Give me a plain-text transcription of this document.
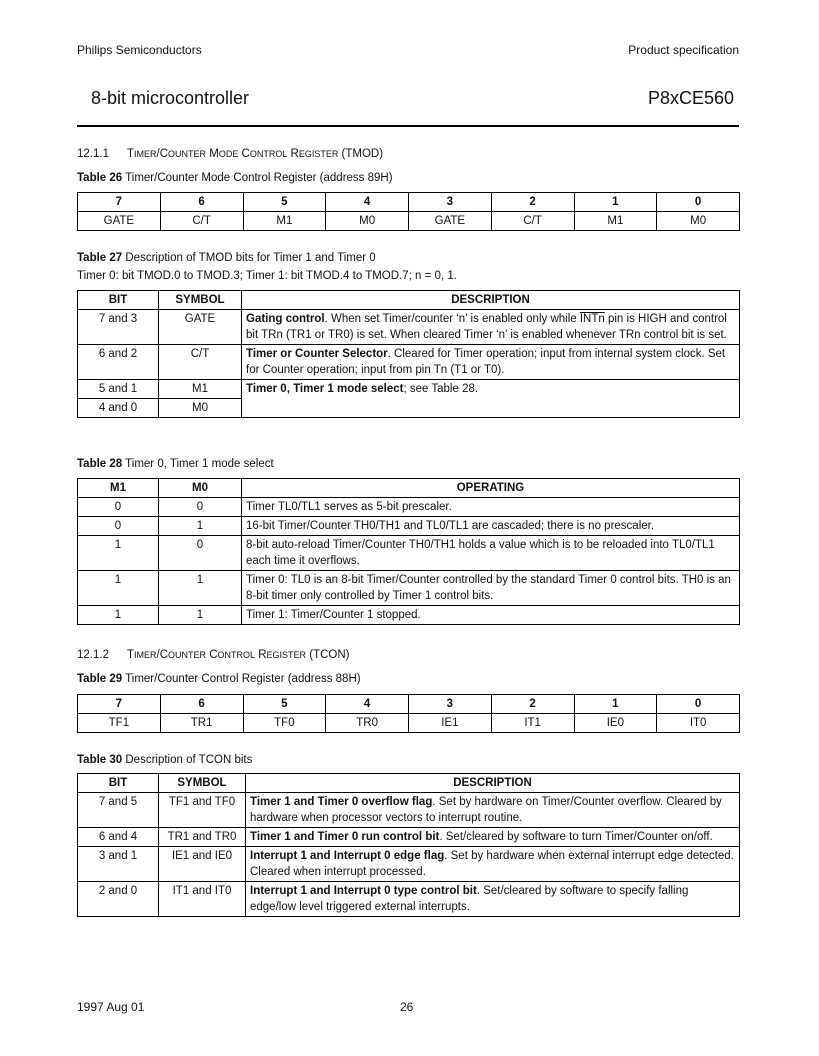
Philips Semiconductors	Product specification
8-bit microcontroller	P8xCE560
12.1.1 TIMER/COUNTER MODE CONTROL REGISTER (TMOD)
Table 26 Timer/Counter Mode Control Register (address 89H)
7	6	5	4	3	2	1	0
GATE	C/T	M1	M0	GATE	C/T	M1	M0
Table 27 Description of TMOD bits for Timer 1 and Timer 0
Timer 0: bit TMOD.0 to TMOD.3; Timer 1: bit TMOD.4 to TMOD.7; n = 0, 1.
BIT	SYMBOL	DESCRIPTION
7 and 3	GATE	Gating control. When set Timer/counter ‘n’ is enabled only while INTn pin is HIGH and control bit TRn (TR1 or TR0) is set. When cleared Timer ‘n’ is enabled whenever TRn control bit is set.
6 and 2	C/T	Timer or Counter Selector. Cleared for Timer operation; input from internal system clock. Set for Counter operation; input from pin Tn (T1 or T0).
5 and 1	M1	Timer 0, Timer 1 mode select; see Table 28.
4 and 0	M0	
Table 28 Timer 0, Timer 1 mode select
M1	M0	OPERATING
0	0	Timer TL0/TL1 serves as 5-bit prescaler.
0	1	16-bit Timer/Counter TH0/TH1 and TL0/TL1 are cascaded; there is no prescaler.
1	0	8-bit auto-reload Timer/Counter TH0/TH1 holds a value which is to be reloaded into TL0/TL1 each time it overflows.
1	1	Timer 0: TL0 is an 8-bit Timer/Counter controlled by the standard Timer 0 control bits. TH0 is an 8-bit timer only controlled by Timer 1 control bits.
1	1	Timer 1: Timer/Counter 1 stopped.
12.1.2 TIMER/COUNTER CONTROL REGISTER (TCON)
Table 29 Timer/Counter Control Register (address 88H)
7	6	5	4	3	2	1	0
TF1	TR1	TF0	TR0	IE1	IT1	IE0	IT0
Table 30 Description of TCON bits
BIT	SYMBOL	DESCRIPTION
7 and 5	TF1 and TF0	Timer 1 and Timer 0 overflow flag. Set by hardware on Timer/Counter overflow. Cleared by hardware when processor vectors to interrupt routine.
6 and 4	TR1 and TR0	Timer 1 and Timer 0 run control bit. Set/cleared by software to turn Timer/Counter on/off.
3 and 1	IE1 and IE0	Interrupt 1 and Interrupt 0 edge flag. Set by hardware when external interrupt edge detected. Cleared when interrupt processed.
2 and 0	IT1 and IT0	Interrupt 1 and Interrupt 0 type control bit. Set/cleared by software to specify falling edge/low level triggered external interrupts.
1997 Aug 01	26
